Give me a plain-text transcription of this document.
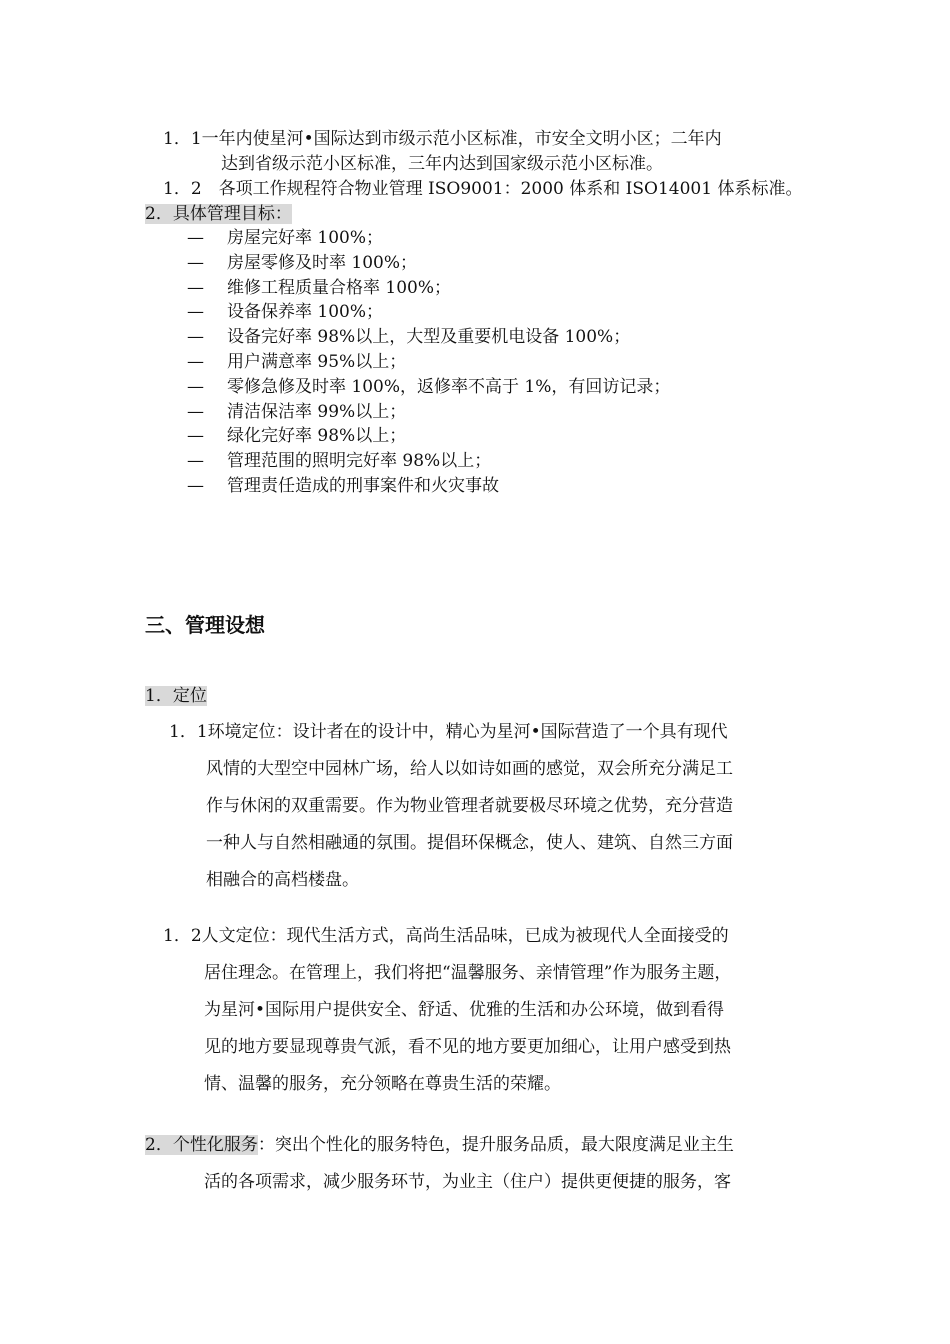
1．1一年内使星河•国际达到市级示范小区标准，市安全文明小区；二年内
达到省级示范小区标准，三年内达到国家级示范小区标准。
1．2　各项工作规程符合物业管理 ISO9001：2000 体系和 ISO14001 体系标准。
2．具体管理目标：
— 房屋完好率 100%；
— 房屋零修及时率 100%；
— 维修工程质量合格率 100%；
— 设备保养率 100%；
— 设备完好率 98%以上，大型及重要机电设备 100%；
— 用户满意率 95%以上；
— 零修急修及时率 100%，返修率不高于 1%，有回访记录；
— 清洁保洁率 99%以上；
— 绿化完好率 98%以上；
— 管理范围的照明完好率 98%以上；
— 管理责任造成的刑事案件和火灾事故
三、管理设想
1．定位
1．1环境定位：设计者在的设计中，精心为星河•国际营造了一个具有现代
风情的大型空中园林广场，给人以如诗如画的感觉，双会所充分满足工
作与休闲的双重需要。作为物业管理者就要极尽环境之优势，充分营造
一种人与自然相融通的氛围。提倡环保概念，使人、建筑、自然三方面
相融合的高档楼盘。
1．2人文定位：现代生活方式，高尚生活品味，已成为被现代人全面接受的
居住理念。在管理上，我们将把“温馨服务、亲情管理”作为服务主题，
为星河•国际用户提供安全、舒适、优雅的生活和办公环境，做到看得
见的地方要显现尊贵气派，看不见的地方要更加细心，让用户感受到热
情、温馨的服务，充分领略在尊贵生活的荣耀。
2．个性化服务：突出个性化的服务特色，提升服务品质，最大限度满足业主生
活的各项需求，减少服务环节，为业主（住户）提供更便捷的服务，客
